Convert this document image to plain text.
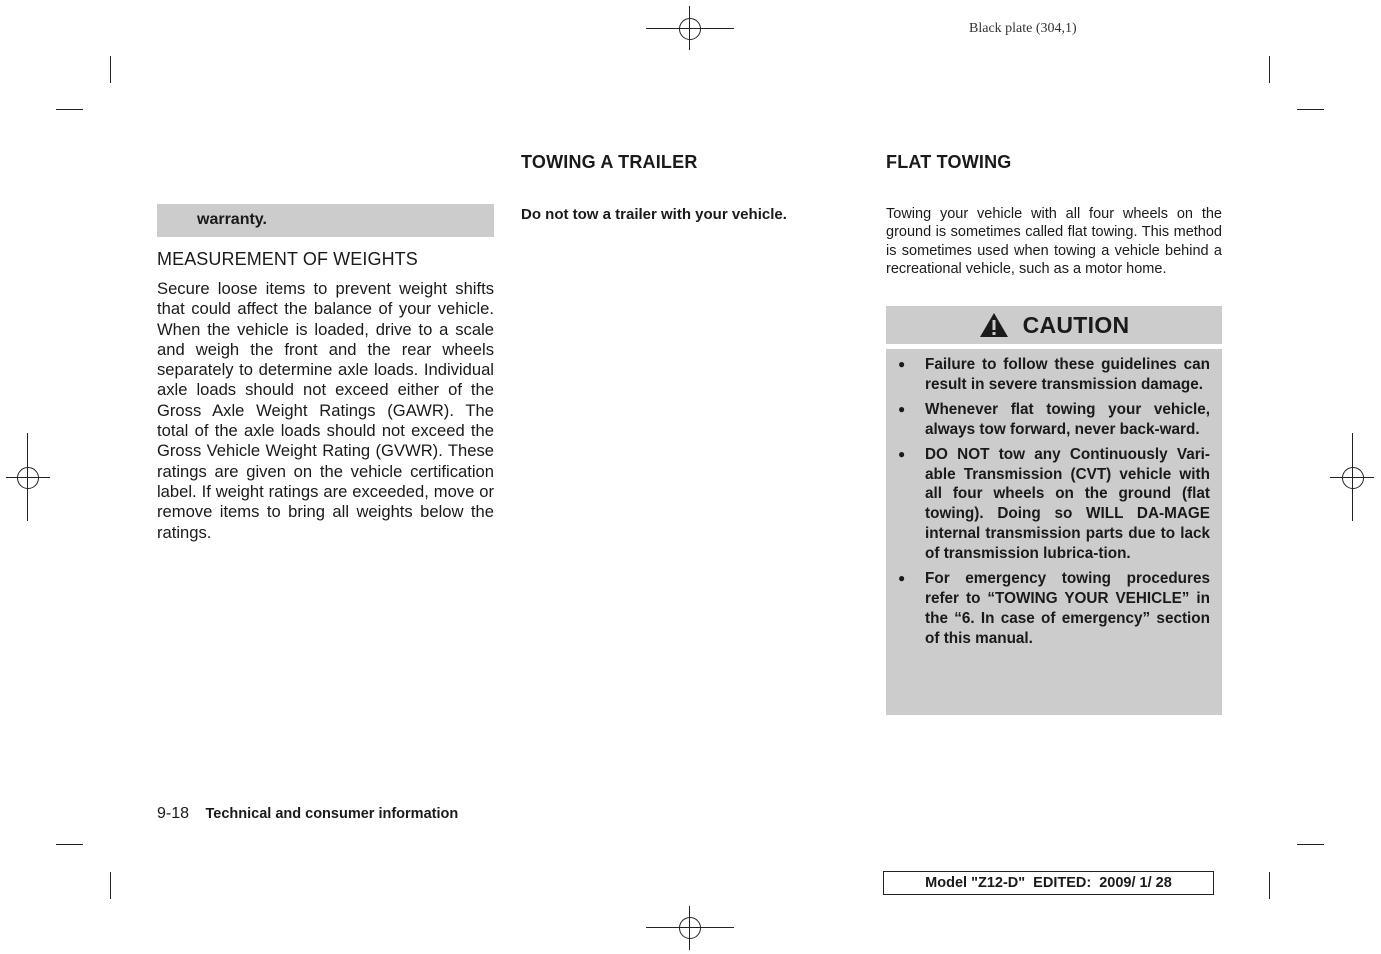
Black plate (304,1)
warranty.
MEASUREMENT OF WEIGHTS
Secure loose items to prevent weight shifts that could affect the balance of your vehicle. When the vehicle is loaded, drive to a scale and weigh the front and the rear wheels separately to determine axle loads. Individual axle loads should not exceed either of the Gross Axle Weight Ratings (GAWR). The total of the axle loads should not exceed the Gross Vehicle Weight Rating (GVWR). These ratings are given on the vehicle certification label. If weight ratings are exceeded, move or remove items to bring all weights below the ratings.
TOWING A TRAILER
Do not tow a trailer with your vehicle.
FLAT TOWING
Towing your vehicle with all four wheels on the ground is sometimes called flat towing. This method is sometimes used when towing a vehicle behind a recreational vehicle, such as a motor home.
CAUTION
●	Failure to follow these guidelines can result in severe transmission damage.
●	Whenever flat towing your vehicle, always tow forward, never back-ward.
●	DO NOT tow any Continuously Vari-able Transmission (CVT) vehicle with all four wheels on the ground (flat towing). Doing so WILL DA-MAGE internal transmission parts due to lack of transmission lubrica-tion.
●	For emergency towing procedures refer to “TOWING YOUR VEHICLE” in the “6. In case of emergency” section of this manual.
9-18 Technical and consumer information
Model "Z12-D"  EDITED:  2009/ 1/ 28
